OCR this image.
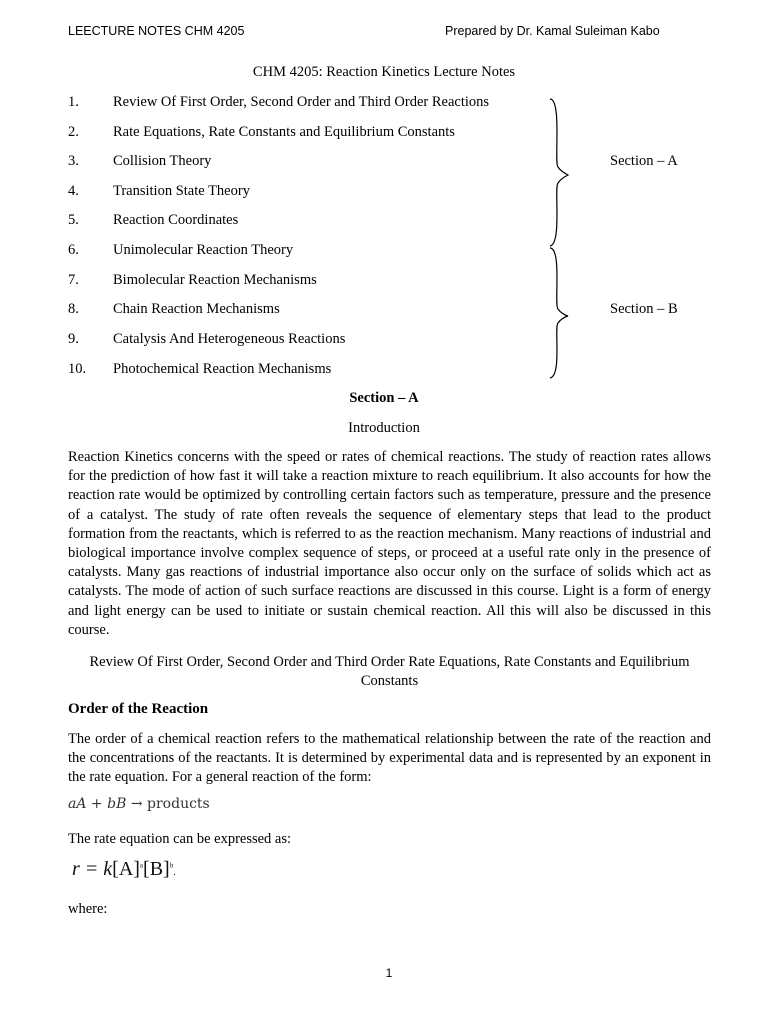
LEECTURE NOTES CHM 4205	Prepared by Dr. Kamal Suleiman Kabo
CHM 4205: Reaction Kinetics Lecture Notes
1. Review Of First Order, Second Order and Third Order Reactions
2. Rate Equations, Rate Constants and Equilibrium Constants
3. Collision Theory
4. Transition State Theory
5. Reaction Coordinates
6. Unimolecular Reaction Theory
7. Bimolecular Reaction Mechanisms
8. Chain Reaction Mechanisms
9. Catalysis And Heterogeneous Reactions
10. Photochemical Reaction Mechanisms
Section – A
Section – B
Section – A
Introduction
Reaction Kinetics concerns with the speed or rates of chemical reactions. The study of reaction rates allows for the prediction of how fast it will take a reaction mixture to reach equilibrium. It also accounts for how the reaction rate would be optimized by controlling certain factors such as temperature, pressure and the presence of a catalyst. The study of rate often reveals the sequence of elementary steps that lead to the product formation from the reactants, which is referred to as the reaction mechanism. Many reactions of industrial and biological importance involve complex sequence of steps, or proceed at a useful rate only in the presence of catalysts. Many gas reactions of industrial importance also occur only on the surface of solids which act as catalysts. The mode of action of such surface reactions are discussed in this course. Light is a form of energy and light energy can be used to initiate or sustain chemical reaction. All this will also be discussed in this course.
Review Of First Order, Second Order and Third Order Rate Equations, Rate Constants and Equilibrium Constants
Order of the Reaction
The order of a chemical reaction refers to the mathematical relationship between the rate of the reaction and the concentrations of the reactants. It is determined by experimental data and is represented by an exponent in the rate equation. For a general reaction of the form:
aA + bB → products
The rate equation can be expressed as:
$r = k[A]^a[B]^b$.
where:
1
